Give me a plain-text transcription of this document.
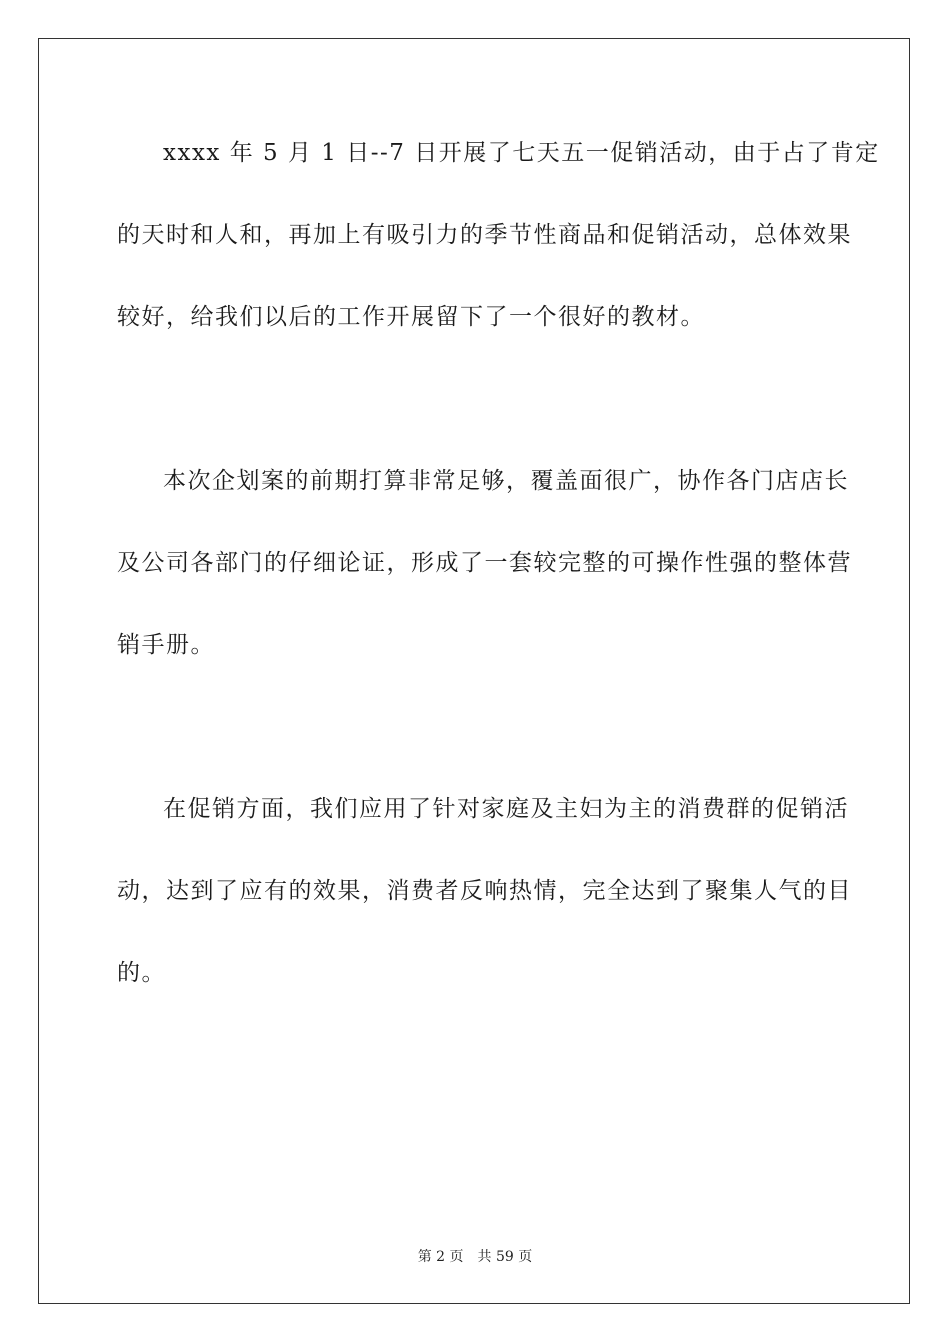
xxxx 年 5 月 1 日--7 日开展了七天五一促销活动，由于占了肯定

的天时和人和，再加上有吸引力的季节性商品和促销活动，总体效果

较好，给我们以后的工作开展留下了一个很好的教材。

本次企划案的前期打算非常足够，覆盖面很广，协作各门店店长

及公司各部门的仔细论证，形成了一套较完整的可操作性强的整体营

销手册。

在促销方面，我们应用了针对家庭及主妇为主的消费群的促销活

动，达到了应有的效果，消费者反响热情，完全达到了聚集人气的目

的。

第 2 页 共 59 页
